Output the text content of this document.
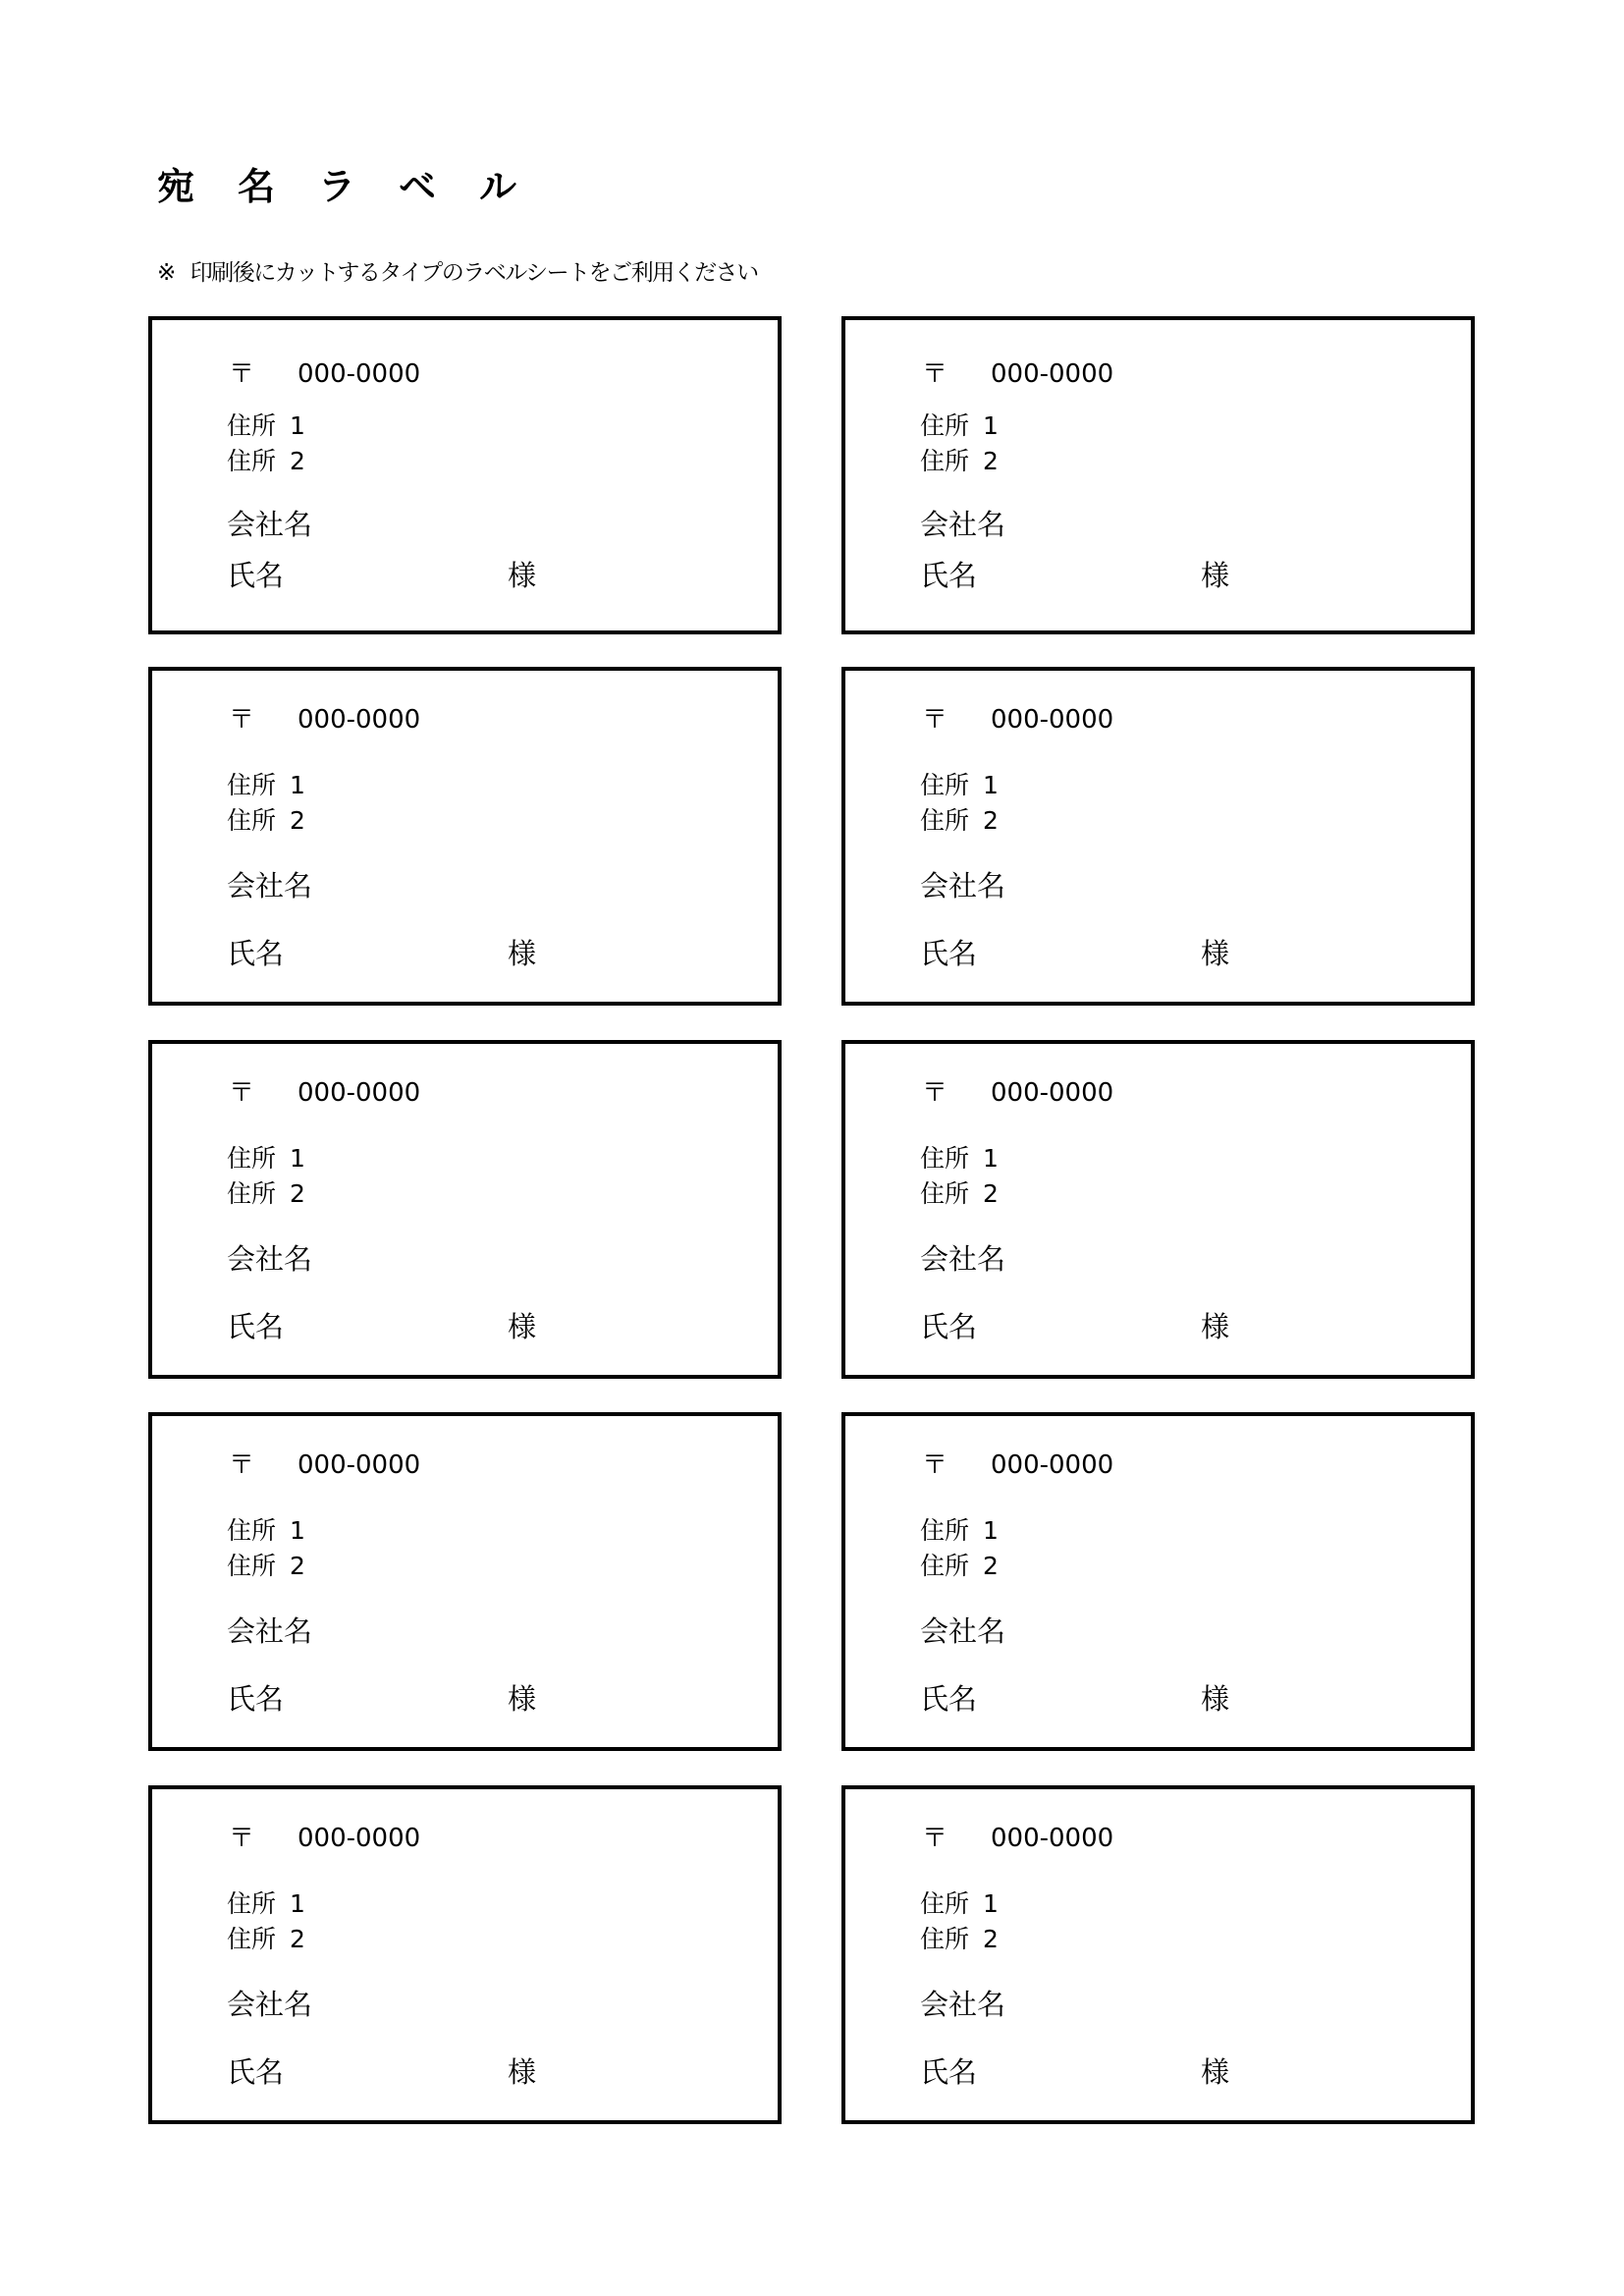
宛名ラベル
※ 印刷後にカットするタイプのラベルシートをご利用ください
〒 000-0000
住所 1
住所 2
会社名
氏名	様
〒 000-0000
住所 1
住所 2
会社名
氏名	様
〒 000-0000
住所 1
住所 2
会社名
氏名	様
〒 000-0000
住所 1
住所 2
会社名
氏名	様
〒 000-0000
住所 1
住所 2
会社名
氏名	様
〒 000-0000
住所 1
住所 2
会社名
氏名	様
〒 000-0000
住所 1
住所 2
会社名
氏名	様
〒 000-0000
住所 1
住所 2
会社名
氏名	様
〒 000-0000
住所 1
住所 2
会社名
氏名	様
〒 000-0000
住所 1
住所 2
会社名
氏名	様
